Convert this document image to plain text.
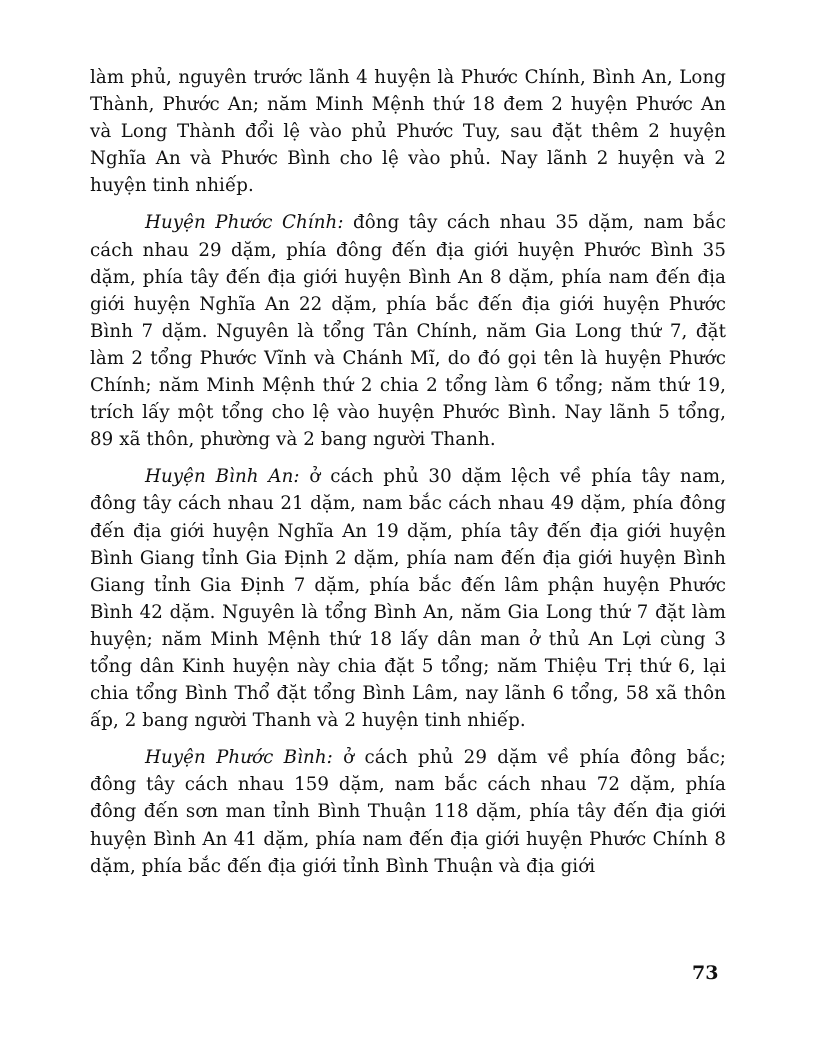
làm phủ, nguyên trước lãnh 4 huyện là Phước Chính, Bình An, Long Thành, Phước An; năm Minh Mệnh thứ 18 đem 2 huyện Phước An và Long Thành đổi lệ vào phủ Phước Tuy, sau đặt thêm 2 huyện Nghĩa An và Phước Bình cho lệ vào phủ. Nay lãnh 2 huyện và 2 huyện tinh nhiếp.

Huyện Phước Chính: đông tây cách nhau 35 dặm, nam bắc cách nhau 29 dặm, phía đông đến địa giới huyện Phước Bình 35 dặm, phía tây đến địa giới huyện Bình An 8 dặm, phía nam đến địa giới huyện Nghĩa An 22 dặm, phía bắc đến địa giới huyện Phước Bình 7 dặm. Nguyên là tổng Tân Chính, năm Gia Long thứ 7, đặt làm 2 tổng Phước Vĩnh và Chánh Mĩ, do đó gọi tên là huyện Phước Chính; năm Minh Mệnh thứ 2 chia 2 tổng làm 6 tổng; năm thứ 19, trích lấy một tổng cho lệ vào huyện Phước Bình. Nay lãnh 5 tổng, 89 xã thôn, phường và 2 bang người Thanh.

Huyện Bình An: ở cách phủ 30 dặm lệch về phía tây nam, đông tây cách nhau 21 dặm, nam bắc cách nhau 49 dặm, phía đông đến địa giới huyện Nghĩa An 19 dặm, phía tây đến địa giới huyện Bình Giang tỉnh Gia Định 2 dặm, phía nam đến địa giới huyện Bình Giang tỉnh Gia Định 7 dặm, phía bắc đến lâm phận huyện Phước Bình 42 dặm. Nguyên là tổng Bình An, năm Gia Long thứ 7 đặt làm huyện; năm Minh Mệnh thứ 18 lấy dân man ở thủ An Lợi cùng 3 tổng dân Kinh huyện này chia đặt 5 tổng; năm Thiệu Trị thứ 6, lại chia tổng Bình Thổ đặt tổng Bình Lâm, nay lãnh 6 tổng, 58 xã thôn ấp, 2 bang người Thanh và 2 huyện tinh nhiếp.

Huyện Phước Bình: ở cách phủ 29 dặm về phía đông bắc; đông tây cách nhau 159 dặm, nam bắc cách nhau 72 dặm, phía đông đến sơn man tỉnh Bình Thuận 118 dặm, phía tây đến địa giới huyện Bình An 41 dặm, phía nam đến địa giới huyện Phước Chính 8 dặm, phía bắc đến địa giới tỉnh Bình Thuận và địa giới

73
